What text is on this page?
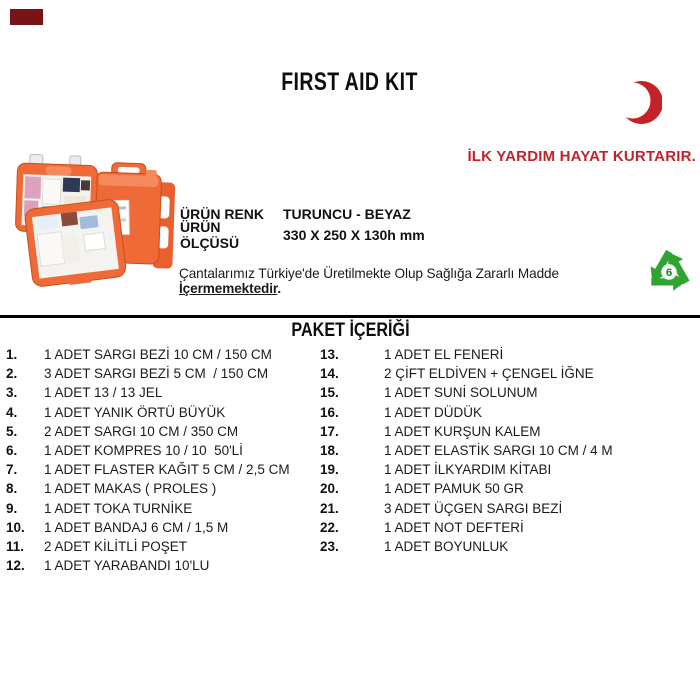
FIRST AID KIT
İLK YARDIM HAYAT KURTARIR.
ÜRÜN RENK	TURUNCU - BEYAZ
ÜRÜN ÖLÇÜSÜ	330 X 250 X 130h mm
Çantalarımız Türkiye'de Üretilmekte Olup Sağlığa Zararlı Madde İçermemektedir.
6
PAKET İÇERİĞİ
1.	1 ADET SARGI BEZİ 10 CM / 150 CM
2.	3 ADET SARGI BEZİ 5 CM  / 150 CM
3.	1 ADET 13 / 13 JEL
4.	1 ADET YANIK ÖRTÜ BÜYÜK
5.	2 ADET SARGI 10 CM / 350 CM
6.	1 ADET KOMPRES 10 / 10  50'Lİ
7.	1 ADET FLASTER KAĞIT 5 CM / 2,5 CM
8.	1 ADET MAKAS ( PROLES )
9.	1 ADET TOKA TURNİKE
10.	1 ADET BANDAJ 6 CM / 1,5 M
11.	2 ADET KİLİTLİ POŞET
12.	1 ADET YARABANDI 10'LU
13.	1 ADET EL FENERİ
14.	2 ÇİFT ELDİVEN + ÇENGEL İĞNE
15.	1 ADET SUNİ SOLUNUM
16.	1 ADET DÜDÜK
17.	1 ADET KURŞUN KALEM
18.	1 ADET ELASTİK SARGI 10 CM / 4 M
19.	1 ADET İLKYARDIM KİTABI
20.	1 ADET PAMUK 50 GR
21.	3 ADET ÜÇGEN SARGI BEZİ
22.	1 ADET NOT DEFTERİ
23.	1 ADET BOYUNLUK
